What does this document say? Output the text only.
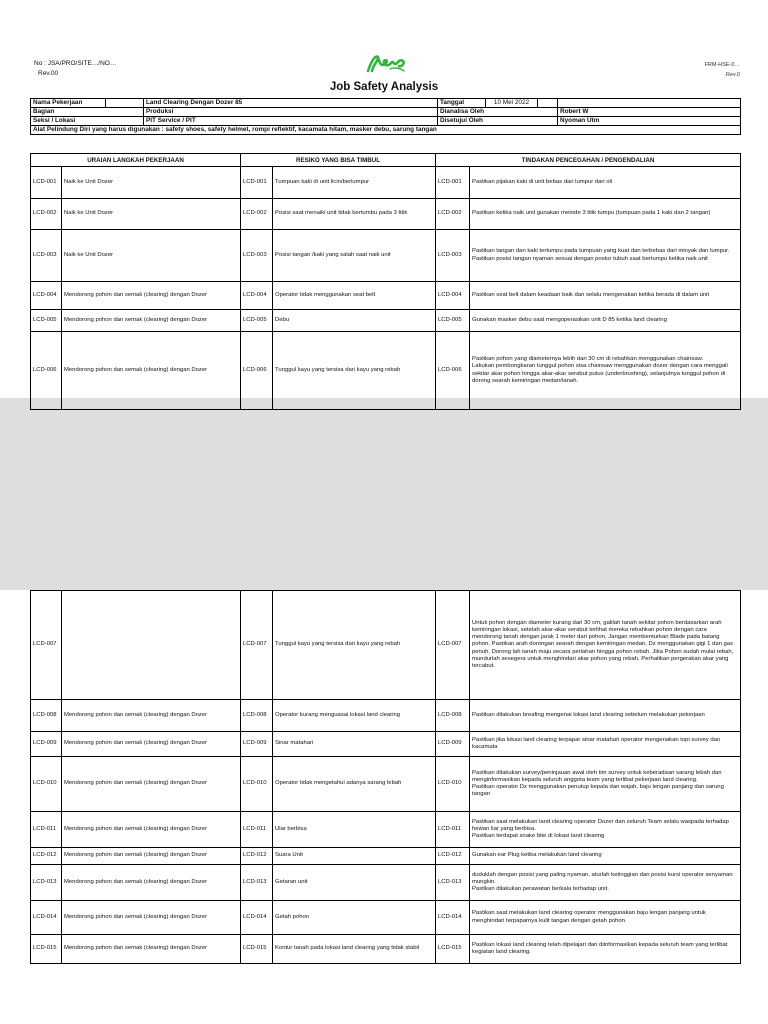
No : JSA/PRO/SITE…/NO…
Rev.00
FRM-HSE-0…
Rev.0
Job Safety Analysis
Nama Pekerjaan		Land Clearing Dengan Dozer 85	Tanggal	10 Mei 2022		
Bagian		Produksi	Dianalisa Oleh			Robert W
Seksi / Lokasi		PIT Service / PIT	Disetujui Oleh			Nyoman Utm
Alat Pelindung Diri yang harus digunakan : safety shoes, safety helmet, rompi reflektif, kacamata hitam, masker debu, sarung tangan						
URAIAN LANGKAH PEKERJAAN		RESIKO YANG BISA TIMBUL		TINDAKAN PENCEGAHAN / PENGENDALIAN	
LCD-001	Naik ke Unit Dozer	LCD-001	Tumpuan kaki di unit licin/berlumpur	LCD-001	Pastikan pijakan kaki di unit bebas dari lumpur dan oli
LCD-002	Naik ke Unit Dozer	LCD-002	Posisi saat menaiki unit tidak bertumbu pada 3 titik	LCD-002	Pastikan ketika naik unit gunakan metode 3 titik tumpu (tumpuan pada 1 kaki dan 2 tangan)
LCD-003	Naik ke Unit Dozer	LCD-003	Posisi tangan /kaki yang salah saat naik unit	LCD-003	Pastikan tangan dan kaki tertumpu pada tumpuan yang kuat dan terbebas dari minyak dan lumpur.
Pastikan posisi tangan nyaman sesuai dengan postur tubuh saat bertumpu ketika naik unit
LCD-004	Mendorong pohon dan semak (clearing) dengan Dozer	LCD-004	Operator tidak menggunakan seat belt	LCD-004	Pastikan seat belt dalam keadaan baik dan selalu mengenakan ketika berada di dalam unit
LCD-005	Mendorong pohon dan semak (clearing) dengan Dozer	LCD-005	Debu	LCD-005	Gunakan masker debu saat mengoperasikan unit D 85 ketika land clearing
LCD-006	Mendorong pohon dan semak (clearing) dengan Dozer	LCD-006	Tunggul kayu yang tersisa dari kayu yang rebah	LCD-006	Pastikan pohon yang diameternya lebih dari 30 cm di rebahkan menggunakan chainsaw.
Lakukan pembongkaran tunggul pohon sisa chainsaw menggunakan dozer dengan cara menggali sekitar akar pohon hingga akar-akar serabut putus (underbrushing), selanjutnya tunggul pohon di dorong searah kemiringan medan/tanah.
LCD-007		LCD-007	Tunggul kayu yang tersisa dari kayu yang rebah	LCD-007	Untuk pohon dengan diameter kurang dari 30 cm, galilah tanah sekitar pohon berdasarkan arah kemiringan lokasi, setelah akar-akar serabut terlihat mereka rebahkan pohon dengan cara mendorong tanah dengan jarak 1 meter dari pohon, Jangan membenturkan Blade pada batang pohon. Pastikan arah dorongan searah dengan kemiringan medan, Dz menggunakan gigi 1 dan gas penuh. Dorong lah tanah maju secara perlahan hingga pohon rebah. Jika Pohon sudah mulai rebah, mundurlah sesegera untuk menghindari akar pohon yang rebah, Perhatikan pergerakan akar yang tercabut.
LCD-008	Mendorong pohon dan semak (clearing) dengan Dozer	LCD-008	Operator kurang menguasai lokasi land clearing	LCD-008	Pastikan dilakukan breafing mengenai lokasi land clearing sebelum melakukan pekerjaan
LCD-009	Mendorong pohon dan semak (clearing) dengan Dozer	LCD-009	Sinar matahari	LCD-009	Pastikan jika lokasi land clearing terpapar sinar matahari operator mengenakan topi survey dan kacamata
LCD-010	Mendorong pohon dan semak (clearing) dengan Dozer	LCD-010	Operator tidak mengetahui adanya sarang lebah	LCD-010	Pastikan dilakukan survey/peninjauan awal oleh tim survey untuk keberadaan sarang lebah dan menginformasikan kepada seluruh anggota team yang terlibat pekerjaan land clearing.
Pastikan operator Dz menggunakan penutup kepala dan wajah, baju lengan panjang dan sarung tangan
LCD-011	Mendorong pohon dan semak (clearing) dengan Dozer	LCD-011	Ular berbisa	LCD-011	Pastikan saat melakukan land clearing operator Dozer dan seluruh Team selalu waspada terhadap hewan liar yang berbisa.
Pastikan terdapat snake bite di lokasi land clearing
LCD-012	Mendorong pohon dan semak (clearing) dengan Dozer	LCD-012	Suara Unit	LCD-012	Gunakan ear Plug ketika melakukan land clearing
LCD-013	Mendorong pohon dan semak (clearing) dengan Dozer	LCD-013	Getaran unit	LCD-013	duduklah dengan posisi yang paling nyaman, aturlah ketinggian dan posisi kursi operator senyaman mungkin.
Pastikan dilakukan perawatan berkala terhadap unit.
LCD-014	Mendorong pohon dan semak (clearing) dengan Dozer	LCD-014	Getah pohon	LCD-014	Pastikan saat melakukan land clearing operator menggunakan baju lengan panjang untuk menghindari terpaparnya kulit tangan dengan getah pohon
LCD-015	Mendorong pohon dan semak (clearing) dengan Dozer	LCD-015	Kontur tanah pada lokasi land clearing yang tidak stabil	LCD-015	Pastikan lokasi land clearing telah dipelajari dan diinformasikan kepada seluruh team yang terlibat kegiatan land clearing.
